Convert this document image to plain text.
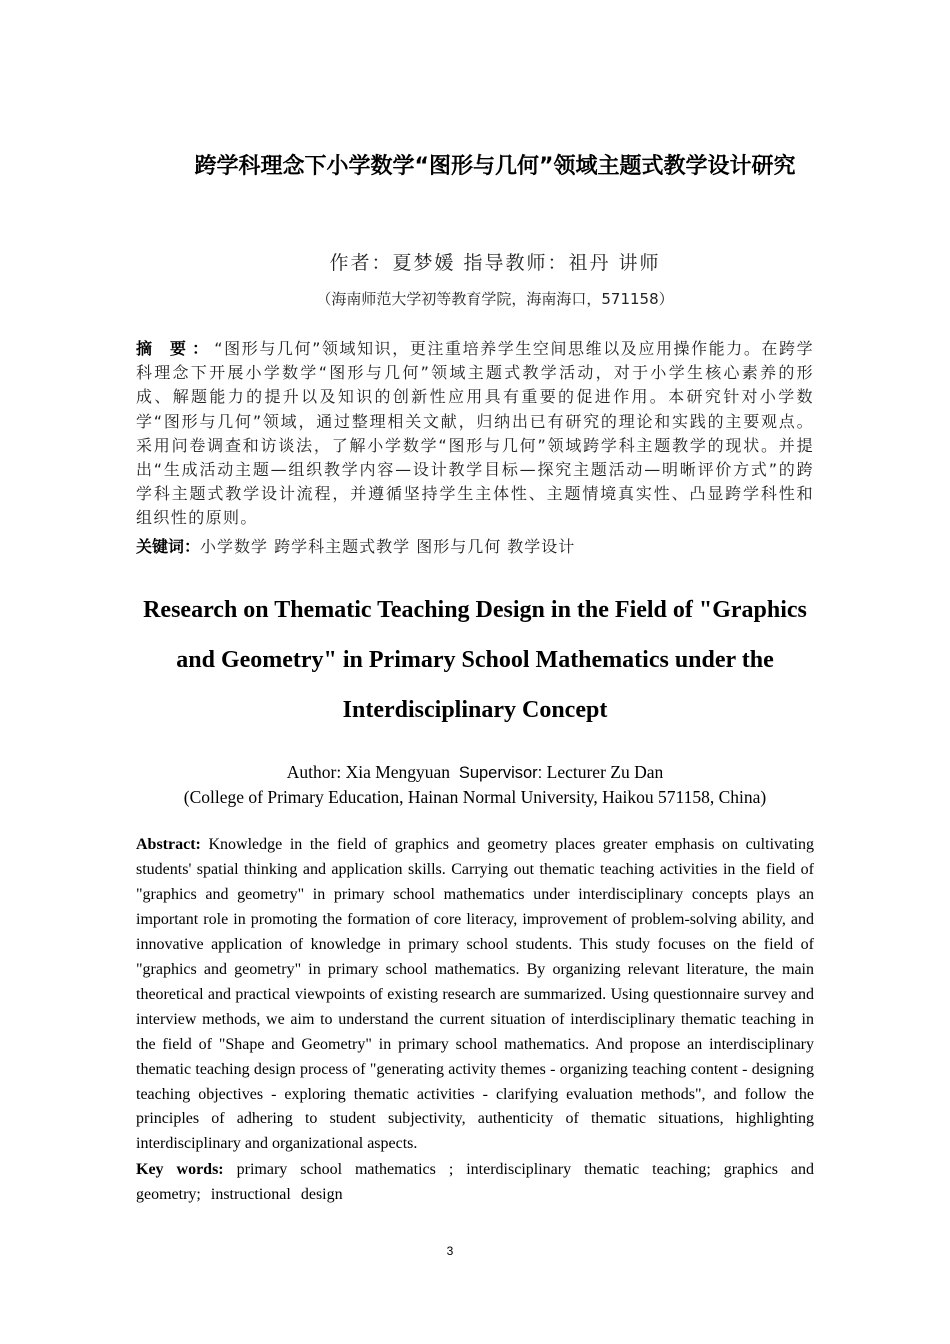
跨学科理念下小学数学“图形与几何”领域主题式教学设计研究
作者：夏梦媛 指导教师：祖丹 讲师
（海南师范大学初等教育学院，海南海口，571158）

摘 要：“图形与几何”领域知识，更注重培养学生空间思维以及应用操作能力。在跨学科理念下开展小学数学“图形与几何”领域主题式教学活动，对于小学生核心素养的形成、解题能力的提升以及知识的创新性应用具有重要的促进作用。本研究针对小学数学“图形与几何”领域，通过整理相关文献，归纳出已有研究的理论和实践的主要观点。采用问卷调查和访谈法，了解小学数学“图形与几何”领域跨学科主题教学的现状。并提出“生成活动主题—组织教学内容—设计教学目标—探究主题活动—明晰评价方式”的跨学科主题式教学设计流程，并遵循坚持学生主体性、主题情境真实性、凸显跨学科性和组织性的原则。

关键词：小学数学 跨学科主题式教学 图形与几何 教学设计
Research on Thematic Teaching Design in the Field of "Graphics and Geometry" in Primary School Mathematics under the Interdisciplinary Concept
Author: Xia Mengyuan Supervisor: Lecturer Zu Dan
(College of Primary Education, Hainan Normal University, Haikou 571158, China)

Abstract: Knowledge in the field of graphics and geometry places greater emphasis on cultivating students' spatial thinking and application skills. Carrying out thematic teaching activities in the field of "graphics and geometry" in primary school mathematics under interdisciplinary concepts plays an important role in promoting the formation of core literacy, improvement of problem-solving ability, and innovative application of knowledge in primary school students. This study focuses on the field of "graphics and geometry" in primary school mathematics. By organizing relevant literature, the main theoretical and practical viewpoints of existing research are summarized. Using questionnaire survey and interview methods, we aim to understand the current situation of interdisciplinary thematic teaching in the field of "Shape and Geometry" in primary school mathematics. And propose an interdisciplinary thematic teaching design process of "generating activity themes - organizing teaching content - designing teaching objectives - exploring thematic activities - clarifying evaluation methods", and follow the principles of adhering to student subjectivity, authenticity of thematic situations, highlighting interdisciplinary and organizational aspects.

Key words: primary school mathematics ; interdisciplinary thematic teaching; graphics and geometry; instructional design

3
